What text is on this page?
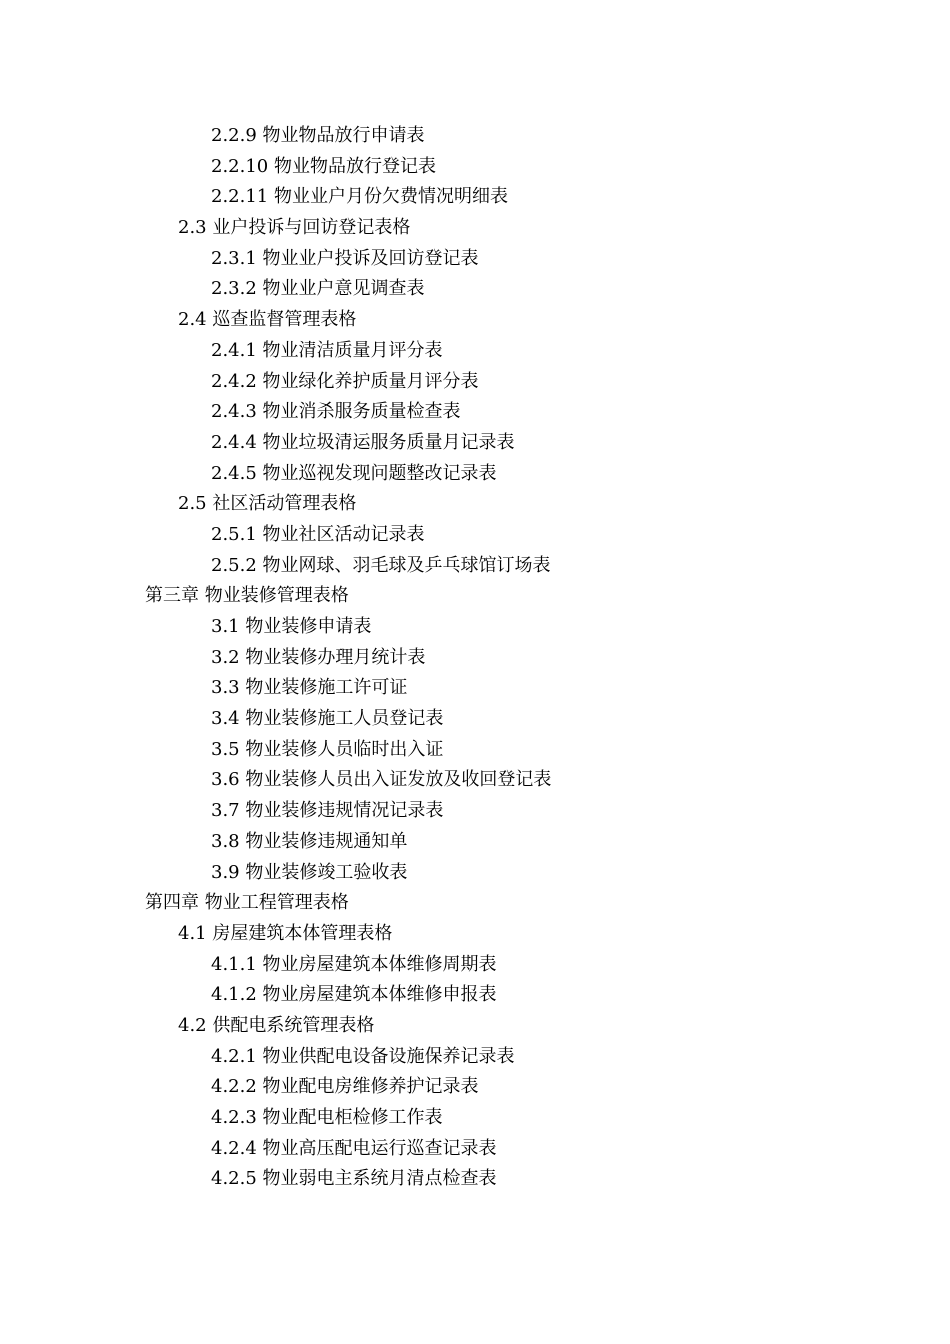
2.2.9 物业物品放行申请表
2.2.10 物业物品放行登记表
2.2.11 物业业户月份欠费情况明细表
2.3 业户投诉与回访登记表格
2.3.1 物业业户投诉及回访登记表
2.3.2 物业业户意见调查表
2.4 巡查监督管理表格
2.4.1 物业清洁质量月评分表
2.4.2 物业绿化养护质量月评分表
2.4.3 物业消杀服务质量检查表
2.4.4 物业垃圾清运服务质量月记录表
2.4.5 物业巡视发现问题整改记录表
2.5 社区活动管理表格
2.5.1 物业社区活动记录表
2.5.2 物业网球、羽毛球及乒乓球馆订场表
第三章 物业装修管理表格
3.1 物业装修申请表
3.2 物业装修办理月统计表
3.3 物业装修施工许可证
3.4 物业装修施工人员登记表
3.5 物业装修人员临时出入证
3.6 物业装修人员出入证发放及收回登记表
3.7 物业装修违规情况记录表
3.8 物业装修违规通知单
3.9 物业装修竣工验收表
第四章 物业工程管理表格
4.1 房屋建筑本体管理表格
4.1.1 物业房屋建筑本体维修周期表
4.1.2 物业房屋建筑本体维修申报表
4.2 供配电系统管理表格
4.2.1 物业供配电设备设施保养记录表
4.2.2 物业配电房维修养护记录表
4.2.3 物业配电柜检修工作表
4.2.4 物业高压配电运行巡查记录表
4.2.5 物业弱电主系统月清点检查表
